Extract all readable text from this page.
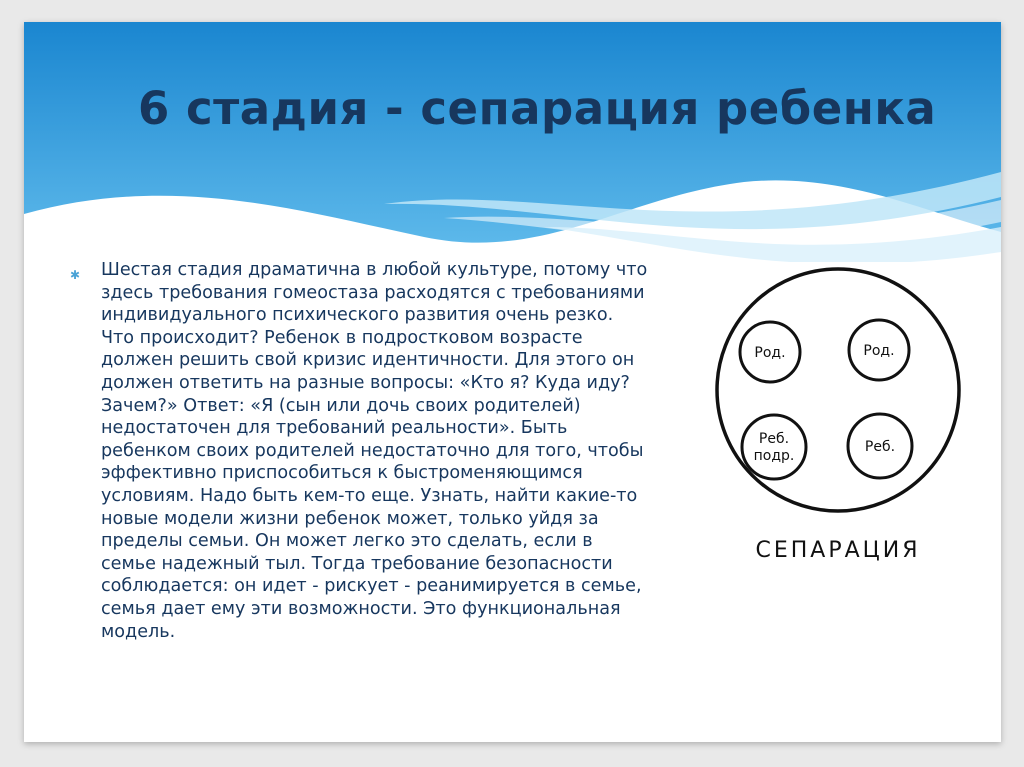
6 стадия - сепарация ребенка
✱ Шестая стадия драматична в любой культуре, потому что здесь требования гомеостаза расходятся с требованиями индивидуального психического развития очень резко. Что происходит? Ребенок в подростковом возрасте должен решить свой кризис идентичности. Для этого он должен ответить на разные вопросы: «Кто я? Куда иду? Зачем?» Ответ: «Я (сын или дочь своих родителей) недостаточен для требований реальности». Быть ребенком своих родителей недостаточно для того, чтобы эффективно приспособиться к быстроменяющимся условиям. Надо быть кем-то еще. Узнать, найти какие-то новые модели жизни ребенок может, только уйдя за пределы семьи. Он может легко это сделать, если в семье надежный тыл. Тогда требование безопасности соблюдается: он идет - рискует - реанимируется в семье, семья дает ему эти возможности. Это функциональная модель.

Род.	Род.
Реб.
подр.
Реб.
СЕПАРАЦИЯ
